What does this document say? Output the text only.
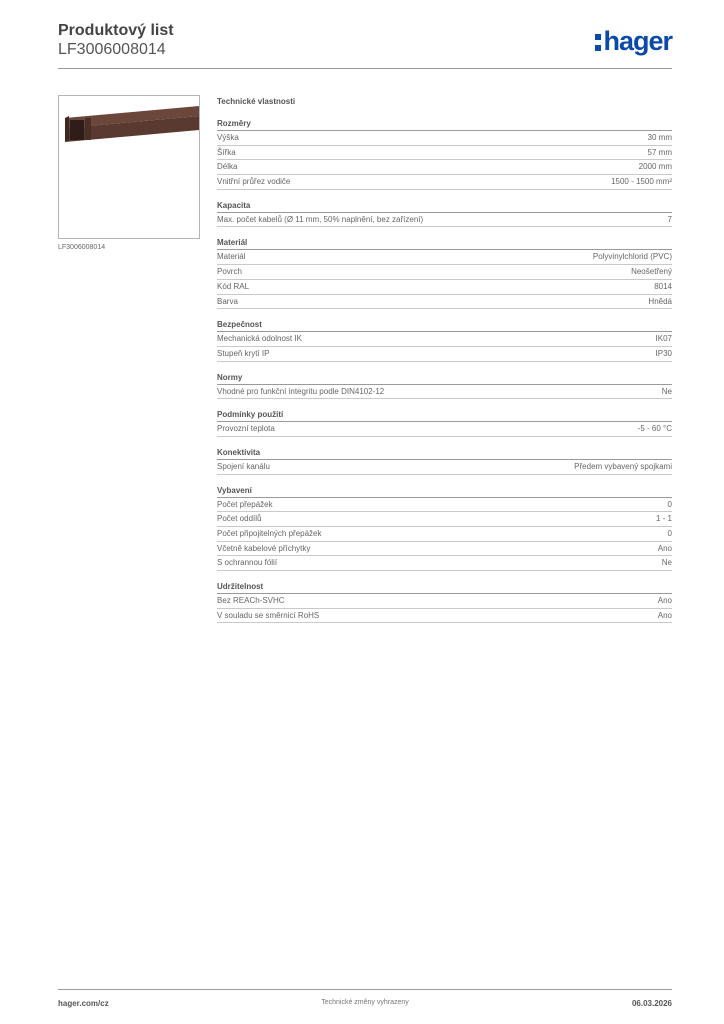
Produktový list
LF3006008014	hager
LF3006008014
Technické vlastnosti
Rozměry
Výška	30 mm
Šířka	57 mm
Délka	2000 mm
Vnitřní průřez vodiče	1500 - 1500 mm²
Kapacita
Max. počet kabelů (Ø 11 mm, 50% naplnění, bez zařízení)	7
Materiál
Materiál	Polyvinylchlorid (PVC)
Povrch	Neošetřený
Kód RAL	8014
Barva	Hnědá
Bezpečnost
Mechanická odolnost IK	IK07
Stupeň krytí IP	IP30
Normy
Vhodné pro funkční integritu podle DIN4102-12	Ne
Podmínky použití
Provozní teplota	-5 - 60 °C
Konektivita
Spojení kanálu	Předem vybavený spojkami
Vybavení
Počet přepážek	0
Počet oddílů	1 - 1
Počet připojitelných přepážek	0
Včetně kabelové příchytky	Ano
S ochrannou fólií	Ne
Udržitelnost
Bez REACh-SVHC	Ano
V souladu se směrnicí RoHS	Ano
hager.com/cz	Technické změny vyhrazeny	06.03.2026
